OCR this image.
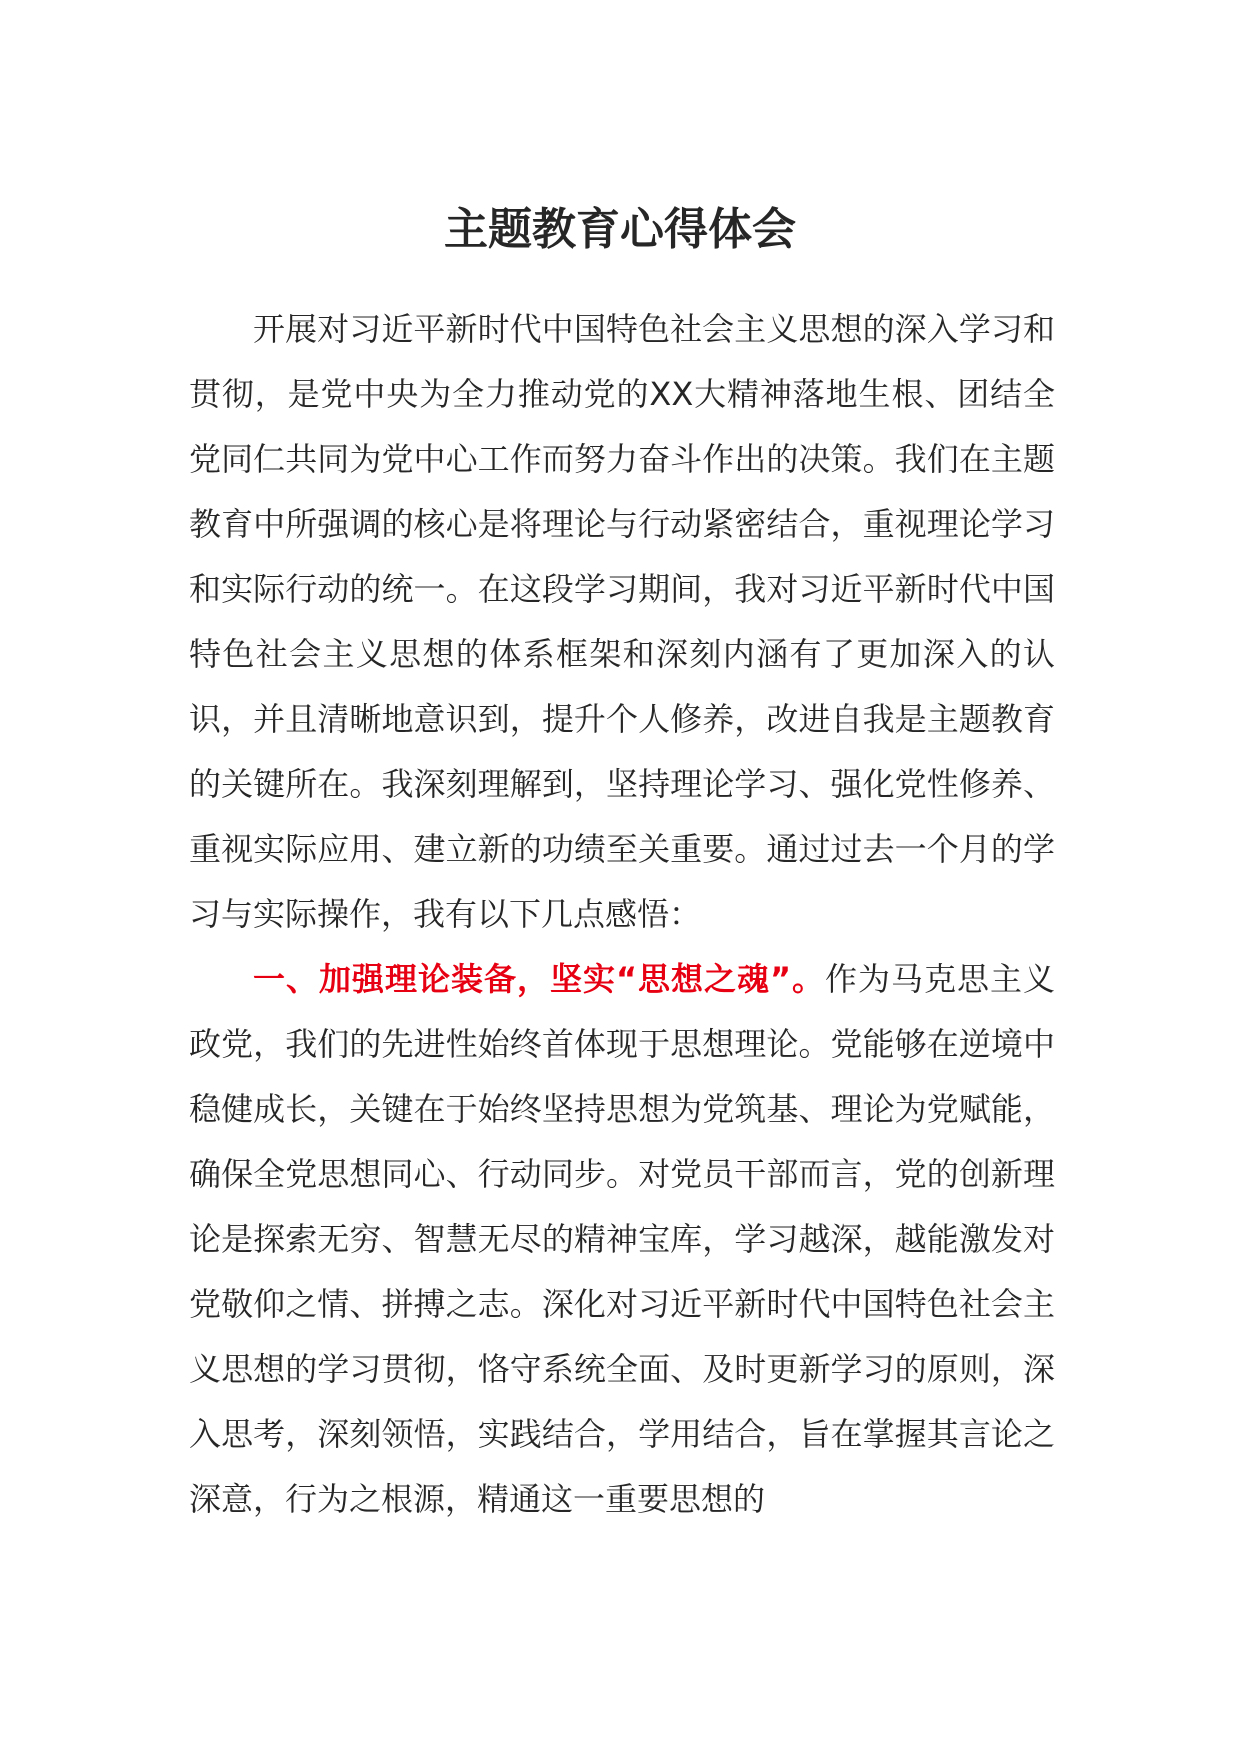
主题教育心得体会

开展对习近平新时代中国特色社会主义思想的深入学习和贯彻，是党中央为全力推动党的XX大精神落地生根、团结全党同仁共同为党中心工作而努力奋斗作出的决策。我们在主题教育中所强调的核心是将理论与行动紧密结合，重视理论学习和实际行动的统一。在这段学习期间，我对习近平新时代中国特色社会主义思想的体系框架和深刻内涵有了更加深入的认识，并且清晰地意识到，提升个人修养，改进自我是主题教育的关键所在。我深刻理解到，坚持理论学习、强化党性修养、重视实际应用、建立新的功绩至关重要。通过过去一个月的学习与实际操作，我有以下几点感悟：

一、加强理论装备，坚实“思想之魂”。作为马克思主义政党，我们的先进性始终首体现于思想理论。党能够在逆境中稳健成长，关键在于始终坚持思想为党筑基、理论为党赋能，确保全党思想同心、行动同步。对党员干部而言，党的创新理论是探索无穷、智慧无尽的精神宝库，学习越深，越能激发对党敬仰之情、拼搏之志。深化对习近平新时代中国特色社会主义思想的学习贯彻，恪守系统全面、及时更新学习的原则，深入思考，深刻领悟，实践结合，学用结合，旨在掌握其言论之深意，行为之根源，精通这一重要思想的
